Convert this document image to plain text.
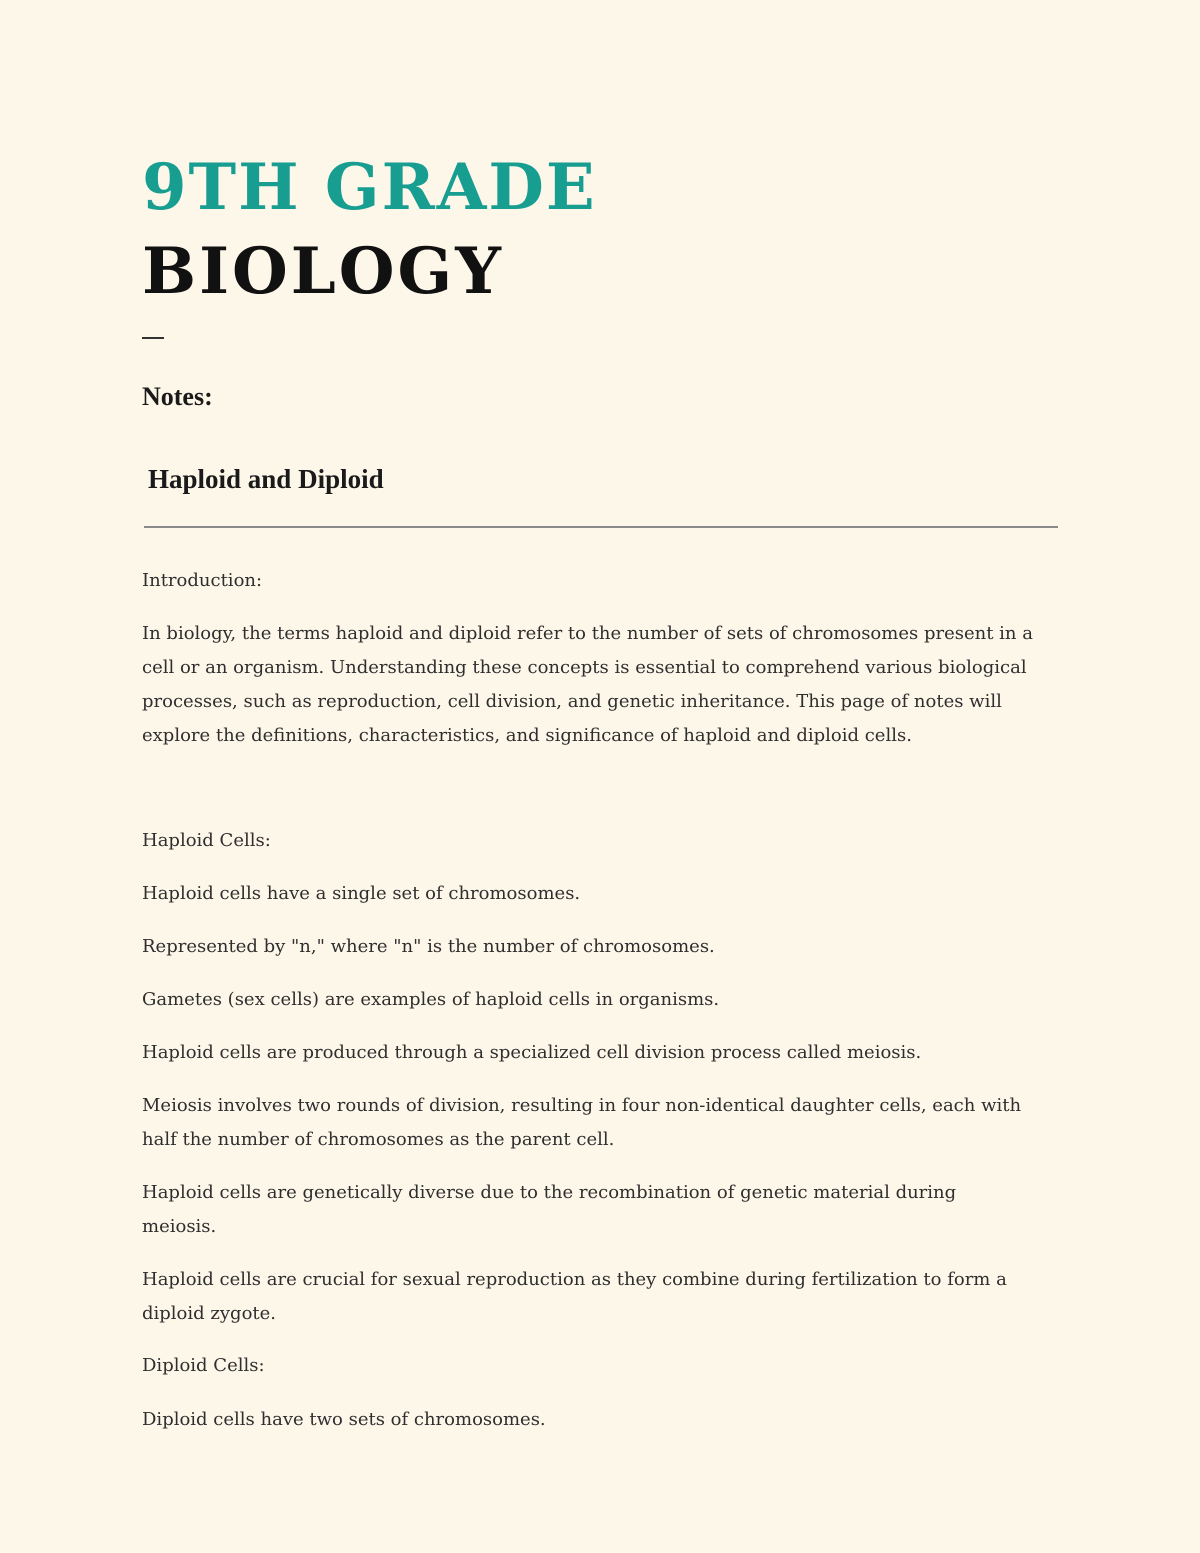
9TH GRADE
BIOLOGY
Notes:
Haploid and Diploid

Introduction:

In biology, the terms haploid and diploid refer to the number of sets of chromosomes present in a cell or an organism. Understanding these concepts is essential to comprehend various biological processes, such as reproduction, cell division, and genetic inheritance. This page of notes will explore the definitions, characteristics, and significance of haploid and diploid cells.

Haploid Cells:

Haploid cells have a single set of chromosomes.

Represented by "n," where "n" is the number of chromosomes.

Gametes (sex cells) are examples of haploid cells in organisms.

Haploid cells are produced through a specialized cell division process called meiosis.

Meiosis involves two rounds of division, resulting in four non-identical daughter cells, each with half the number of chromosomes as the parent cell.

Haploid cells are genetically diverse due to the recombination of genetic material during meiosis.

Haploid cells are crucial for sexual reproduction as they combine during fertilization to form a diploid zygote.

Diploid Cells:

Diploid cells have two sets of chromosomes.
